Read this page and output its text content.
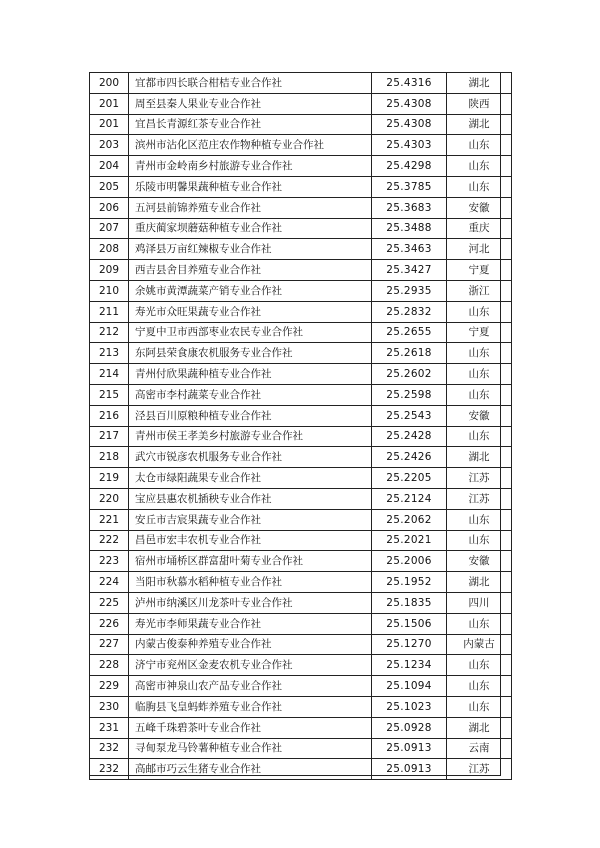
200	宜都市四长联合柑桔专业合作社	25.4316	湖北
201	周至县秦人果业专业合作社	25.4308	陕西
201	宜昌长青源红茶专业合作社	25.4308	湖北
203	滨州市沾化区范庄农作物种植专业合作社	25.4303	山东
204	青州市金岭南乡村旅游专业合作社	25.4298	山东
205	乐陵市明馨果蔬种植专业合作社	25.3785	山东
206	五河县前锦养殖专业合作社	25.3683	安徽
207	重庆蔺家坝蘑菇种植专业合作社	25.3488	重庆
208	鸡泽县万亩红辣椒专业合作社	25.3463	河北
209	西吉县舍目养殖专业合作社	25.3427	宁夏
210	余姚市黄潭蔬菜产销专业合作社	25.2935	浙江
211	寿光市众旺果蔬专业合作社	25.2832	山东
212	宁夏中卫市西部枣业农民专业合作社	25.2655	宁夏
213	东阿县荣食康农机服务专业合作社	25.2618	山东
214	青州付欣果蔬种植专业合作社	25.2602	山东
215	高密市李村蔬菜专业合作社	25.2598	山东
216	泾县百川原粮种植专业合作社	25.2543	安徽
217	青州市侯王孝美乡村旅游专业合作社	25.2428	山东
218	武穴市锐彦农机服务专业合作社	25.2426	湖北
219	太仓市绿阳蔬果专业合作社	25.2205	江苏
220	宝应县惠农机插秧专业合作社	25.2124	江苏
221	安丘市吉宸果蔬专业合作社	25.2062	山东
222	昌邑市宏丰农机专业合作社	25.2021	山东
223	宿州市埇桥区群富甜叶菊专业合作社	25.2006	安徽
224	当阳市秋慕水稻种植专业合作社	25.1952	湖北
225	泸州市纳溪区川龙茶叶专业合作社	25.1835	四川
226	寿光市李师果蔬专业合作社	25.1506	山东
227	内蒙古俊泰种养殖专业合作社	25.1270	内蒙古
228	济宁市兖州区金麦农机专业合作社	25.1234	山东
229	高密市神泉山农产品专业合作社	25.1094	山东
230	临朐县飞皇蚂蚱养殖专业合作社	25.1023	山东
231	五峰千珠碧茶叶专业合作社	25.0928	湖北
232	寻甸泵龙马铃薯种植专业合作社	25.0913	云南
232	高邮市巧云生猪专业合作社	25.0913	江苏
